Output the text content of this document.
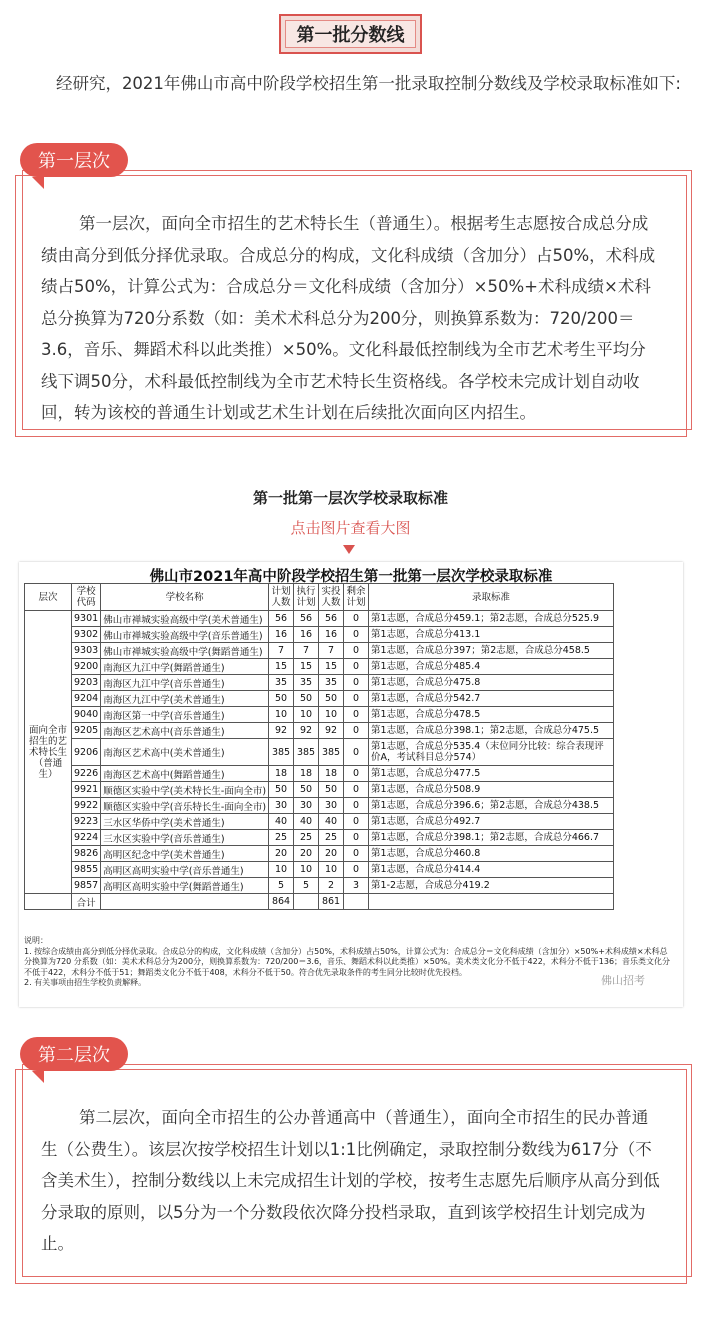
第一批分数线
经研究，2021年佛山市高中阶段学校招生第一批录取控制分数线及学校录取标准如下:
第一层次
第一层次，面向全市招生的艺术特长生（普通生）。根据考生志愿按合成总分成绩由高分到低分择优录取。合成总分的构成，文化科成绩（含加分）占50%，术科成绩占50%，计算公式为：合成总分＝文化科成绩（含加分）×50%+术科成绩×术科总分换算为720分系数（如：美术术科总分为200分，则换算系数为：720/200＝3.6，音乐、舞蹈术科以此类推）×50%。文化科最低控制线为全市艺术考生平均分线下调50分，术科最低控制线为全市艺术特长生资格线。各学校未完成计划自动收回，转为该校的普通生计划或艺术生计划在后续批次面向区内招生。
第一批第一层次学校录取标准
点击图片查看大图
佛山市2021年高中阶段学校招生第一批第一层次学校录取标准
层次	学校代码	学校名称	计划人数	执行计划	实投人数	剩余计划	录取标准
面向全市招生的艺术特长生（普通生）	9301	佛山市禅城实验高级中学(美术普通生)	56	56	56	0	第1志愿，合成总分459.1；第2志愿，合成总分525.9
	9302	佛山市禅城实验高级中学(音乐普通生)	16	16	16	0	第1志愿，合成总分413.1
	9303	佛山市禅城实验高级中学(舞蹈普通生)	7	7	7	0	第1志愿，合成总分397；第2志愿，合成总分458.5
	9200	南海区九江中学(舞蹈普通生)	15	15	15	0	第1志愿，合成总分485.4
	9203	南海区九江中学(音乐普通生)	35	35	35	0	第1志愿，合成总分475.8
	9204	南海区九江中学(美术普通生)	50	50	50	0	第1志愿，合成总分542.7
	9040	南海区第一中学(音乐普通生)	10	10	10	0	第1志愿，合成总分478.5
	9205	南海区艺术高中(音乐普通生)	92	92	92	0	第1志愿，合成总分398.1；第2志愿，合成总分475.5
	9206	南海区艺术高中(美术普通生)	385	385	385	0	第1志愿，合成总分535.4（末位同分比较：综合表现评价A，考试科目总分574）
	9226	南海区艺术高中(舞蹈普通生)	18	18	18	0	第1志愿，合成总分477.5
	9921	顺德区实验中学(美术特长生-面向全市)	50	50	50	0	第1志愿，合成总分508.9
	9922	顺德区实验中学(音乐特长生-面向全市)	30	30	30	0	第1志愿，合成总分396.6；第2志愿，合成总分438.5
	9223	三水区华侨中学(美术普通生)	40	40	40	0	第1志愿，合成总分492.7
	9224	三水区实验中学(音乐普通生)	25	25	25	0	第1志愿，合成总分398.1；第2志愿，合成总分466.7
	9826	高明区纪念中学(美术普通生)	20	20	20	0	第1志愿，合成总分460.8
	9855	高明区高明实验中学(音乐普通生)	10	10	10	0	第1志愿，合成总分414.4
	9857	高明区高明实验中学(舞蹈普通生)	5	5	2	3	第1-2志愿，合成总分419.2
	合计		864		861		
说明：
1. 按综合成绩由高分到低分择优录取。合成总分的构成，文化科成绩（含加分）占50%，术科成绩占50%，计算公式为：合成总分＝文化科成绩（含加分）×50%+术科成绩×术科总分换算为720 分系数（如：美术术科总分为200分，则换算系数为：720/200＝3.6，音乐、舞蹈术科以此类推）×50%。美术类文化分不低于422，术科分不低于136；音乐类文化分不低于422，术科分不低于51；舞蹈类文化分不低于408，术科分不低于50。符合优先录取条件的考生同分比较时优先投档。
2. 有关事项由招生学校负责解释。	佛山招考
第二层次
第二层次，面向全市招生的公办普通高中（普通生），面向全市招生的民办普通生（公费生）。该层次按学校招生计划以1:1比例确定，录取控制分数线为617分（不含美术生），控制分数线以上未完成招生计划的学校，按考生志愿先后顺序从高分到低分录取的原则，以5分为一个分数段依次降分投档录取，直到该学校招生计划完成为止。
